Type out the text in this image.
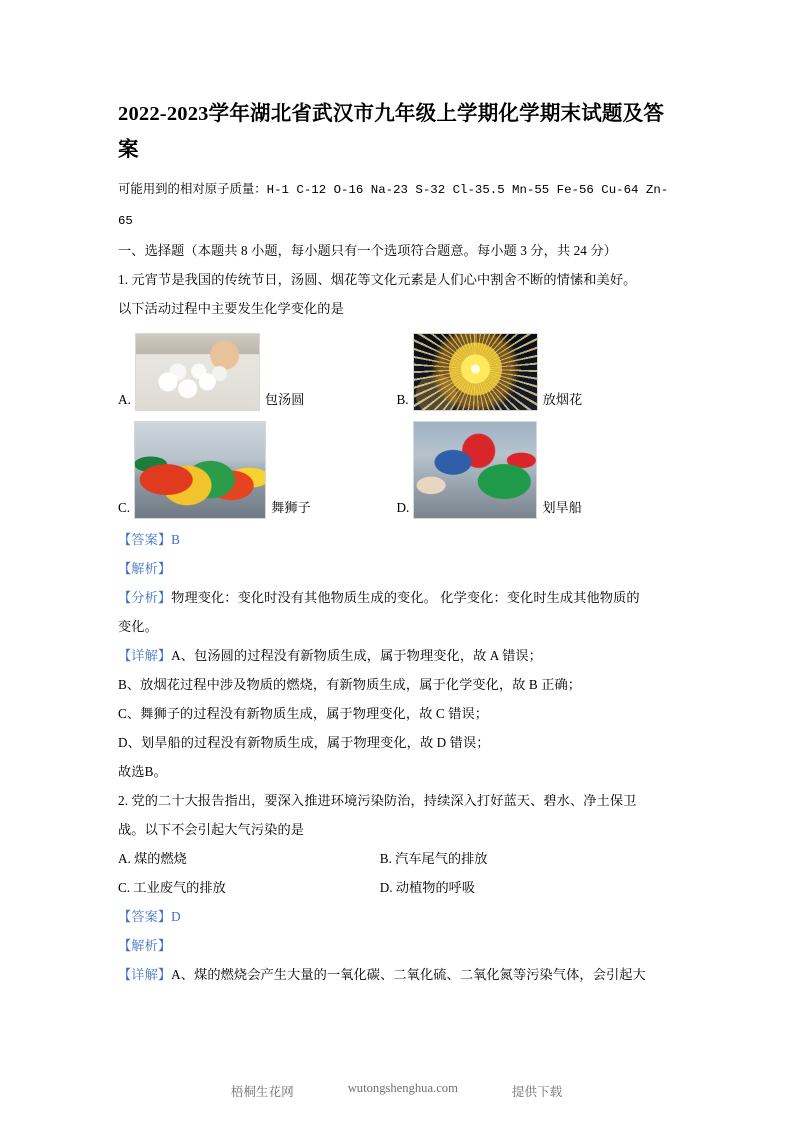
2022-2023学年湖北省武汉市九年级上学期化学期末试题及答案

可能用到的相对原子质量：H-1 C-12 O-16 Na-23 S-32 Cl-35.5 Mn-55 Fe-56 Cu-64 Zn-65

一、选择题（本题共 8 小题，每小题只有一个选项符合题意。每小题 3 分，共 24 分）

1. 元宵节是我国的传统节日，汤圆、烟花等文化元素是人们心中割舍不断的情愫和美好。

以下活动过程中主要发生化学变化的是

A.	包汤圆	B.	放烟花
C.	舞狮子	D.	划旱船

【答案】B

【解析】

【分析】物理变化：变化时没有其他物质生成的变化。 化学变化：变化时生成其他物质的

变化。

【详解】A、包汤圆的过程没有新物质生成，属于物理变化，故 A 错误；

B、放烟花过程中涉及物质的燃烧，有新物质生成，属于化学变化，故 B 正确；

C、舞狮子的过程没有新物质生成，属于物理变化，故 C 错误；

D、划旱船的过程没有新物质生成，属于物理变化，故 D 错误；

故选B。

2. 党的二十大报告指出，要深入推进环境污染防治，持续深入打好蓝天、碧水、净土保卫

战。以下不会引起大气污染的是

A. 煤的燃烧	B. 汽车尾气的排放
C. 工业废气的排放	D. 动植物的呼吸

【答案】D

【解析】

【详解】A、煤的燃烧会产生大量的一氧化碳、二氧化硫、二氧化氮等污染气体，会引起大

梧桐生花网	wutongshenghua.com	提供下载
